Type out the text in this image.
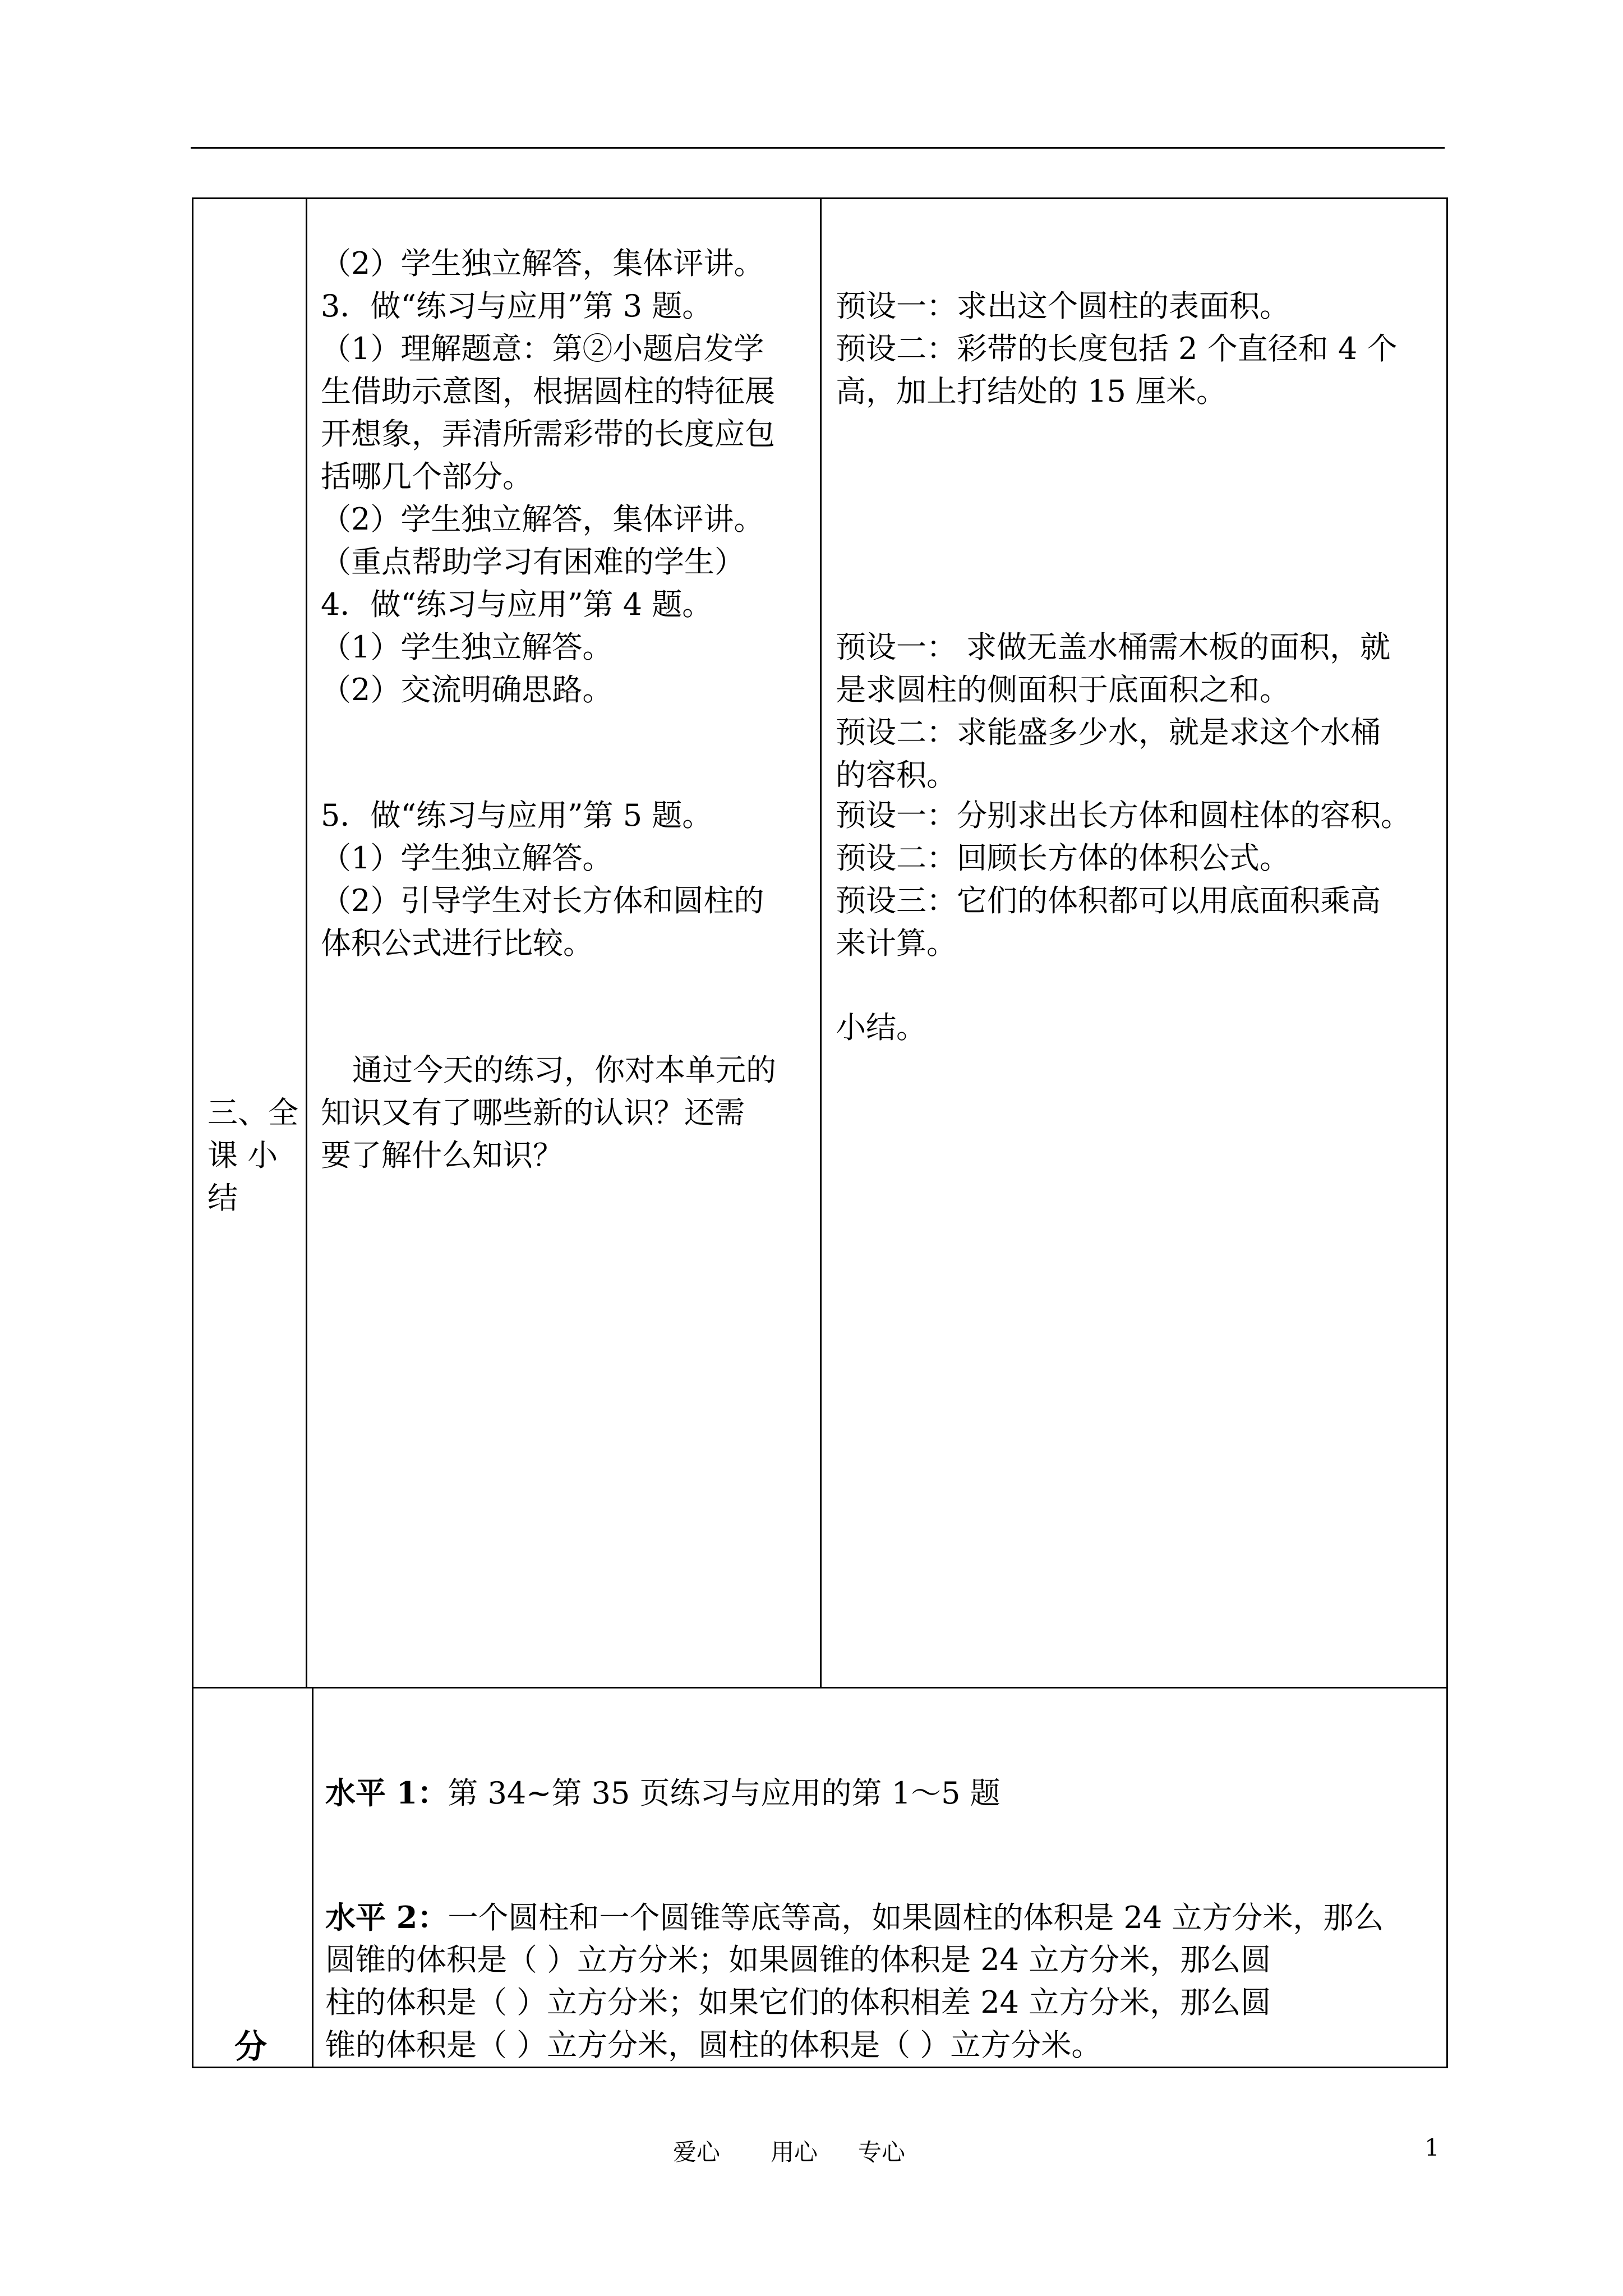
（2）学生独立解答，集体评讲。
3．做“练习与应用”第 3 题。
（1）理解题意：第②小题启发学
生借助示意图，根据圆柱的特征展
开想象，弄清所需彩带的长度应包
括哪几个部分。
（2）学生独立解答，集体评讲。
（重点帮助学习有困难的学生）
4．做“练习与应用”第 4 题。
（1）学生独立解答。
（2）交流明确思路。
5．做“练习与应用”第 5 题。
（1）学生独立解答。
（2）引导学生对长方体和圆柱的
体积公式进行比较。
通过今天的练习，你对本单元的
知识又有了哪些新的认识？还需
要了解什么知识？
预设一：求出这个圆柱的表面积。
预设二：彩带的长度包括 2 个直径和 4 个
高，加上打结处的 15 厘米。
预设一： 求做无盖水桶需木板的面积，就
是求圆柱的侧面积于底面积之和。
预设二：求能盛多少水，就是求这个水桶
的容积。
预设一：分别求出长方体和圆柱体的容积。
预设二：回顾长方体的体积公式。
预设三：它们的体积都可以用底面积乘高
来计算。
小结。
三、全
课 小
结
分
水平 1：第 34~第 35 页练习与应用的第 1～5 题
水平 2：一个圆柱和一个圆锥等底等高，如果圆柱的体积是 24 立方分米，那么
圆锥的体积是（ ）立方分米；如果圆锥的体积是 24 立方分米，那么圆
柱的体积是（ ）立方分米；如果它们的体积相差 24 立方分米，那么圆
锥的体积是（ ）立方分米，圆柱的体积是（ ）立方分米。
爱心 用心 专心	1
